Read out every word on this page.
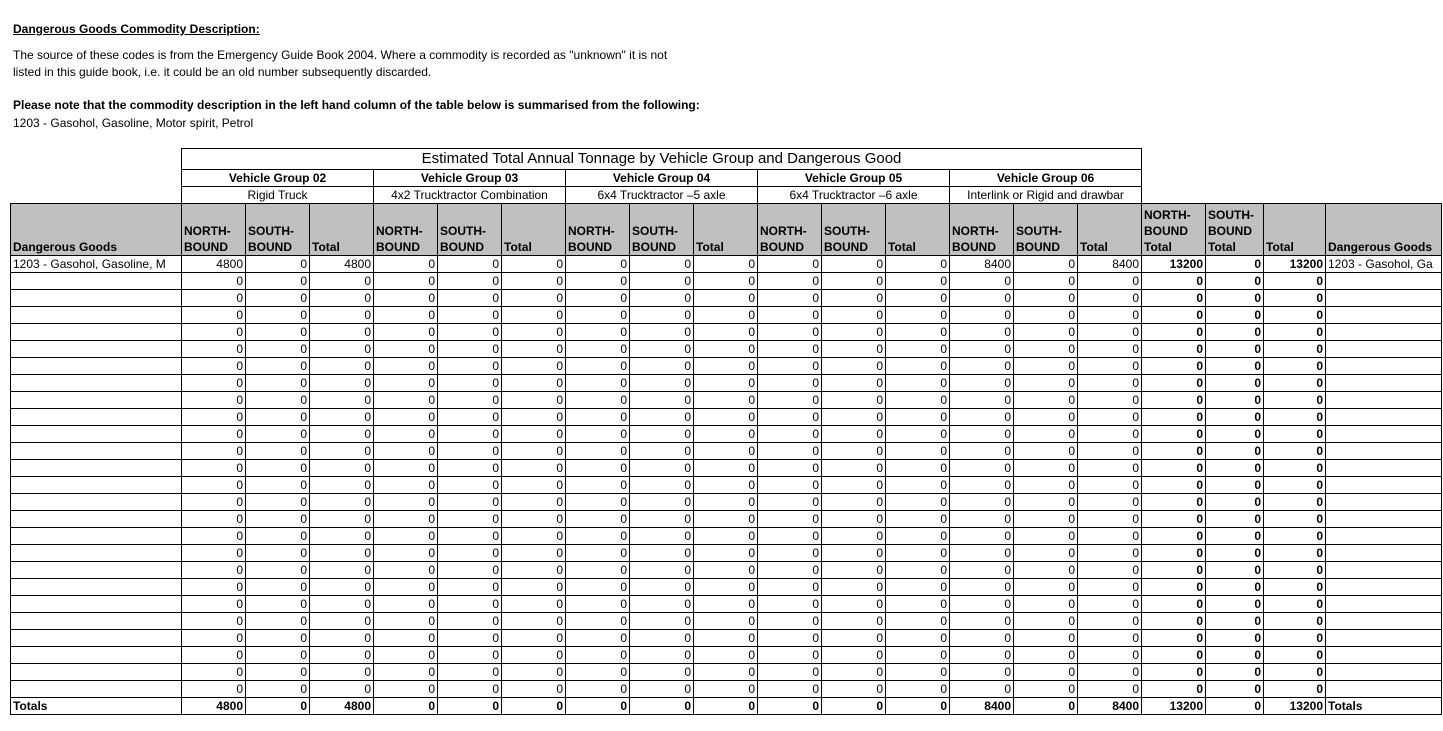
Dangerous Goods Commodity Description:
The source of these codes is from the Emergency Guide Book 2004. Where a commodity is recorded as "unknown" it is not
listed in this guide book, i.e. it could be an old number subsequently discarded.
Please note that the commodity description in the left hand column of the table below is summarised from the following:
1203 - Gasohol, Gasoline, Motor spirit, Petrol
	Estimated Total Annual Tonnage by Vehicle Group and Dangerous Good																		
	Vehicle Group 02			Vehicle Group 03			Vehicle Group 04			Vehicle Group 05			Vehicle Group 06						
	Rigid Truck			4x2 Trucktractor Combination			6x4 Trucktractor –5 axle			6x4 Trucktractor –6 axle			Interlink or Rigid and drawbar						
Dangerous Goods	NORTH-BOUND	SOUTH-BOUND	Total	NORTH-BOUND	SOUTH-BOUND	Total	NORTH-BOUND	SOUTH-BOUND	Total	NORTH-BOUND	SOUTH-BOUND	Total	NORTH-BOUND	SOUTH-BOUND	Total	NORTH-BOUND Total	SOUTH-BOUND Total	Total	Dangerous Goods
1203 - Gasohol, Gasoline, M	4800	0	4800	0	0	0	0	0	0	0	0	0	8400	0	8400	13200	0	13200	1203 - Gasohol, Ga
	0	0	0	0	0	0	0	0	0	0	0	0	0	0	0	0	0	0	
	0	0	0	0	0	0	0	0	0	0	0	0	0	0	0	0	0	0	
	0	0	0	0	0	0	0	0	0	0	0	0	0	0	0	0	0	0	
	0	0	0	0	0	0	0	0	0	0	0	0	0	0	0	0	0	0	
	0	0	0	0	0	0	0	0	0	0	0	0	0	0	0	0	0	0	
	0	0	0	0	0	0	0	0	0	0	0	0	0	0	0	0	0	0	
	0	0	0	0	0	0	0	0	0	0	0	0	0	0	0	0	0	0	
	0	0	0	0	0	0	0	0	0	0	0	0	0	0	0	0	0	0	
	0	0	0	0	0	0	0	0	0	0	0	0	0	0	0	0	0	0	
	0	0	0	0	0	0	0	0	0	0	0	0	0	0	0	0	0	0	
	0	0	0	0	0	0	0	0	0	0	0	0	0	0	0	0	0	0	
	0	0	0	0	0	0	0	0	0	0	0	0	0	0	0	0	0	0	
	0	0	0	0	0	0	0	0	0	0	0	0	0	0	0	0	0	0	
	0	0	0	0	0	0	0	0	0	0	0	0	0	0	0	0	0	0	
	0	0	0	0	0	0	0	0	0	0	0	0	0	0	0	0	0	0	
	0	0	0	0	0	0	0	0	0	0	0	0	0	0	0	0	0	0	
	0	0	0	0	0	0	0	0	0	0	0	0	0	0	0	0	0	0	
	0	0	0	0	0	0	0	0	0	0	0	0	0	0	0	0	0	0	
	0	0	0	0	0	0	0	0	0	0	0	0	0	0	0	0	0	0	
	0	0	0	0	0	0	0	0	0	0	0	0	0	0	0	0	0	0	
	0	0	0	0	0	0	0	0	0	0	0	0	0	0	0	0	0	0	
	0	0	0	0	0	0	0	0	0	0	0	0	0	0	0	0	0	0	
	0	0	0	0	0	0	0	0	0	0	0	0	0	0	0	0	0	0	
	0	0	0	0	0	0	0	0	0	0	0	0	0	0	0	0	0	0	
	0	0	0	0	0	0	0	0	0	0	0	0	0	0	0	0	0	0	
Totals	4800	0	4800	0	0	0	0	0	0	0	0	0	8400	0	8400	13200	0	13200	Totals
